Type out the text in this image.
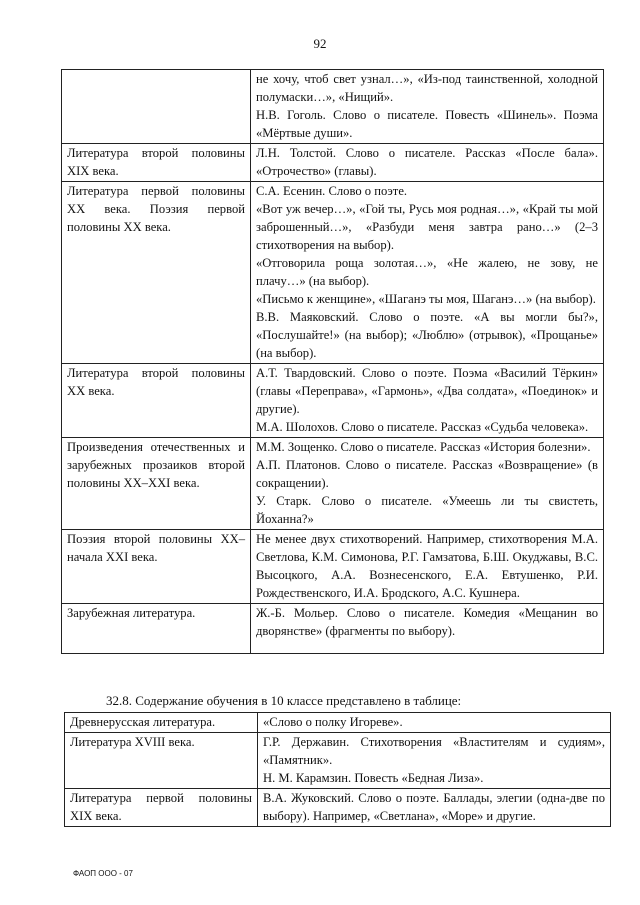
92

	не хочу, чтоб свет узнал…», «Из-под таинственной, холодной полумаски…», «Нищий».
Н.В. Гоголь. Слово о писателе. Повесть «Шинель». Поэма «Мёртвые души».

Литература второй половины XIX века.	Л.Н. Толстой. Слово о писателе. Рассказ «После бала». «Отрочество» (главы).

Литература первой половины XX века. Поэзия первой половины XX века.	С.А. Есенин. Слово о поэте.
«Вот уж вечер…», «Гой ты, Русь моя родная…», «Край ты мой заброшенный…», «Разбуди меня завтра рано…» (2–3 стихотворения на выбор).
«Отговорила роща золотая…», «Не жалею, не зову, не плачу…» (на выбор).
«Письмо к женщине», «Шаганэ ты моя, Шаганэ…» (на выбор).
В.В. Маяковский. Слово о поэте. «А вы могли бы?», «Послушайте!» (на выбор); «Люблю» (отрывок), «Прощанье» (на выбор).

Литература второй половины XX века.	А.Т. Твардовский. Слово о поэте. Поэма «Василий Тёркин» (главы «Переправа», «Гармонь», «Два солдата», «Поединок» и другие).
М.А. Шолохов. Слово о писателе. Рассказ «Судьба человека».

Произведения отечественных и зарубежных прозаиков второй половины XX–XXI века.	М.М. Зощенко. Слово о писателе. Рассказ «История болезни».
А.П. Платонов. Слово о писателе. Рассказ «Возвращение» (в сокращении).
У. Старк. Слово о писателе. «Умеешь ли ты свистеть, Йоханна?»

Поэзия второй половины XX–начала XXI века.	Не менее двух стихотворений. Например, стихотворения М.А. Светлова, К.М. Симонова, Р.Г. Гамзатова, Б.Ш. Окуджавы, В.С. Высоцкого, А.А. Вознесенского, Е.А. Евтушенко, Р.И. Рождественского, И.А. Бродского, А.С. Кушнера.

Зарубежная литература.	Ж.-Б. Мольер. Слово о писателе. Комедия «Мещанин во дворянстве» (фрагменты по выбору).
32.8. Содержание обучения в 10 классе представлено в таблице:
Древнерусская литература.	«Слово о полку Игореве».

Литература XVIII века.	Г.Р. Державин. Стихотворения «Властителям и судиям», «Памятник».
Н. М. Карамзин. Повесть «Бедная Лиза».

Литература первой половины XIX века.	В.А. Жуковский. Слово о поэте. Баллады, элегии (одна-две по выбору). Например, «Светлана», «Море» и другие.
ФАОП ООО - 07
